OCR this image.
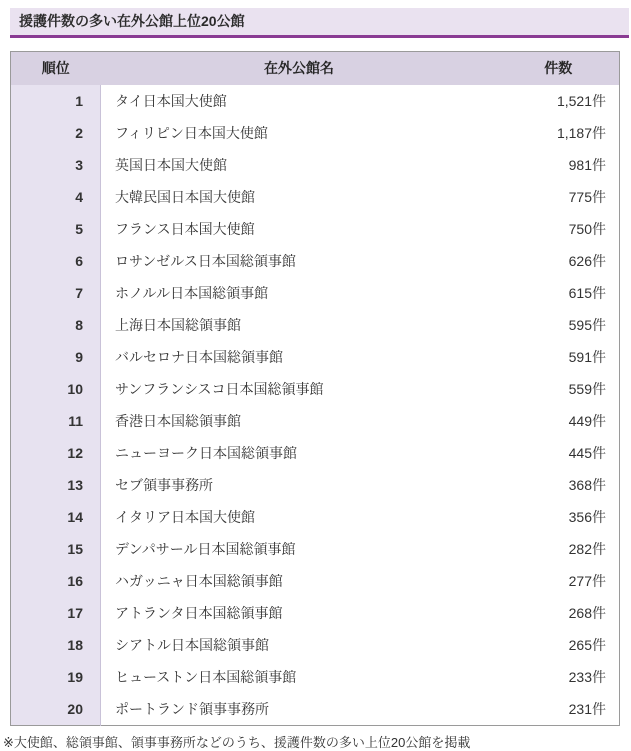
援護件数の多い在外公館上位20公館
順位	在外公館名	件数
1	タイ日本国大使館	1,521件
2	フィリピン日本国大使館	1,187件
3	英国日本国大使館	981件
4	大韓民国日本国大使館	775件
5	フランス日本国大使館	750件
6	ロサンゼルス日本国総領事館	626件
7	ホノルル日本国総領事館	615件
8	上海日本国総領事館	595件
9	バルセロナ日本国総領事館	591件
10	サンフランシスコ日本国総領事館	559件
11	香港日本国総領事館	449件
12	ニューヨーク日本国総領事館	445件
13	セブ領事事務所	368件
14	イタリア日本国大使館	356件
15	デンパサール日本国総領事館	282件
16	ハガッニャ日本国総領事館	277件
17	アトランタ日本国総領事館	268件
18	シアトル日本国総領事館	265件
19	ヒューストン日本国総領事館	233件
20	ポートランド領事事務所	231件
※大使館、総領事館、領事事務所などのうち、援護件数の多い上位20公館を掲載
